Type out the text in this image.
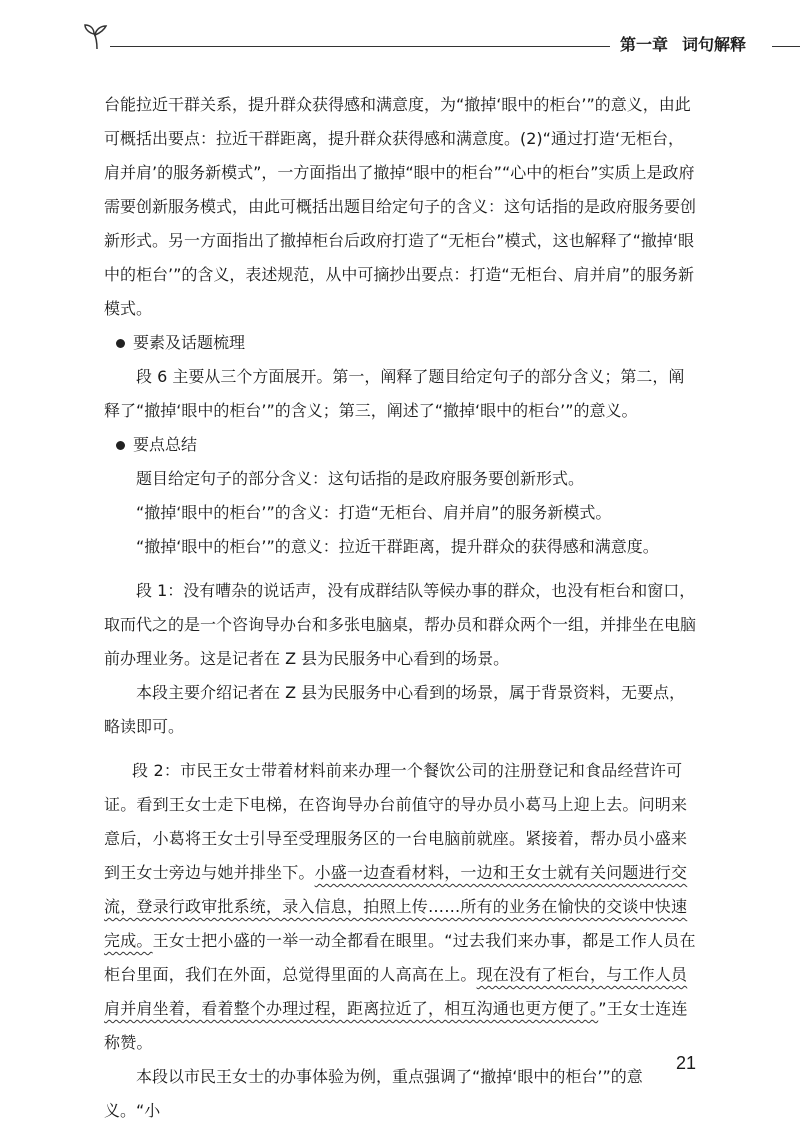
第一章 词句解释

台能拉近干群关系，提升群众获得感和满意度，为“撤掉‘眼中的柜台’”的意义，由此可概括出要点：拉近干群距离，提升群众获得感和满意度。(2)“通过打造‘无柜台，肩并肩’的服务新模式”，一方面指出了撤掉“眼中的柜台”“心中的柜台”实质上是政府需要创新服务模式，由此可概括出题目给定句子的含义：这句话指的是政府服务要创新形式。另一方面指出了撤掉柜台后政府打造了“无柜台”模式，这也解释了“撤掉‘眼中的柜台’”的含义，表述规范，从中可摘抄出要点：打造“无柜台、肩并肩”的服务新模式。

要素及话题梳理

段 6 主要从三个方面展开。第一，阐释了题目给定句子的部分含义；第二，阐释了“撤掉‘眼中的柜台’”的含义；第三，阐述了“撤掉‘眼中的柜台’”的意义。

要点总结

题目给定句子的部分含义：这句话指的是政府服务要创新形式。

“撤掉‘眼中的柜台’”的含义：打造“无柜台、肩并肩”的服务新模式。

“撤掉‘眼中的柜台’”的意义：拉近干群距离，提升群众的获得感和满意度。

段 1：没有嘈杂的说话声，没有成群结队等候办事的群众，也没有柜台和窗口，取而代之的是一个咨询导办台和多张电脑桌，帮办员和群众两个一组，并排坐在电脑前办理业务。这是记者在 Z 县为民服务中心看到的场景。

本段主要介绍记者在 Z 县为民服务中心看到的场景，属于背景资料，无要点，略读即可。

段 2：市民王女士带着材料前来办理一个餐饮公司的注册登记和食品经营许可证。看到王女士走下电梯，在咨询导办台前值守的导办员小葛马上迎上去。问明来意后，小葛将王女士引导至受理服务区的一台电脑前就座。紧接着，帮办员小盛来到王女士旁边与她并排坐下。小盛一边查看材料，一边和王女士就有关问题进行交流，登录行政审批系统，录入信息，拍照上传……所有的业务在愉快的交谈中快速完成。王女士把小盛的一举一动全都看在眼里。“过去我们来办事，都是工作人员在柜台里面，我们在外面，总觉得里面的人高高在上。现在没有了柜台，与工作人员肩并肩坐着，看着整个办理过程，距离拉近了，相互沟通也更方便了。”王女士连连称赞。

本段以市民王女士的办事体验为例，重点强调了“撤掉‘眼中的柜台’”的意义。“小

21
